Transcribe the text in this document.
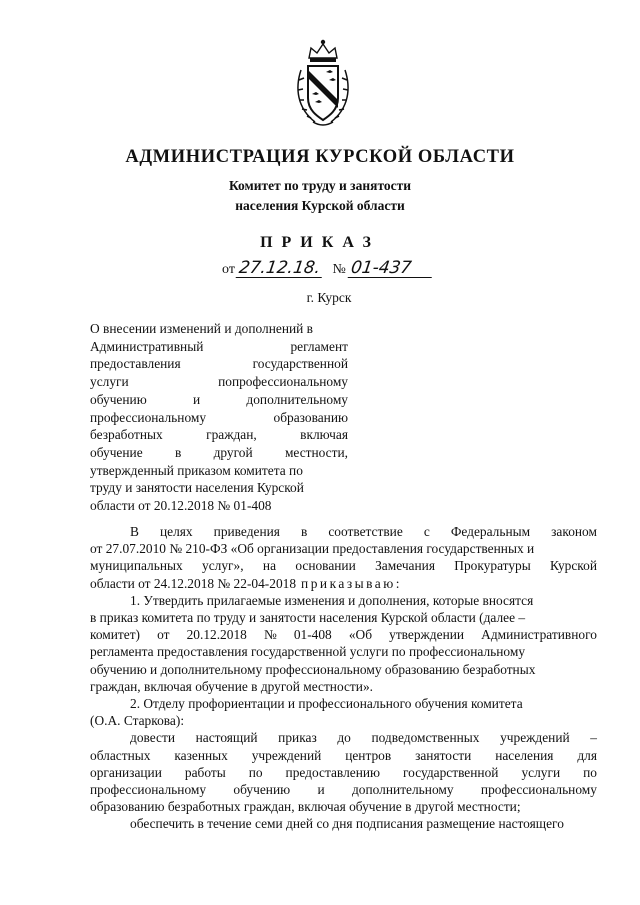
АДМИНИСТРАЦИЯ КУРСКОЙ ОБЛАСТИ
Комитет по труду и занятости
населения Курской области
ПРИКАЗ
от 27.12.18. № 01-437
г. Курск
О внесении изменений и дополнений в
Административный	регламент
предоставления	государственной
услуги	попрофессиональному
обучению	и	дополнительному
профессиональному	образованию
безработных	граждан,	включая
обучение в другой местности,
утвержденный приказом комитета по
труду и занятости населения Курской
области от 20.12.2018 № 01-408
В целях приведения в соответствие с Федеральным законом
от 27.07.2010 № 210-ФЗ «Об организации предоставления государственных и
муниципальных услуг», на основании Замечания Прокуратуры Курской
области от 24.12.2018 № 22-04-2018 приказываю:
1. Утвердить прилагаемые изменения и дополнения, которые вносятся
в приказ комитета по труду и занятости населения Курской области (далее –
комитет) от 20.12.2018 № 01-408 «Об утверждении Административного
регламента предоставления государственной услуги по профессиональному
обучению и дополнительному профессиональному образованию безработных
граждан, включая обучение в другой местности».
2. Отделу профориентации и профессионального обучения комитета
(О.А. Старкова):
довести настоящий приказ до подведомственных учреждений –
областных казенных учреждений центров занятости населения для
организации работы по предоставлению государственной услуги по
профессиональному обучению и дополнительному профессиональному
образованию безработных граждан, включая обучение в другой местности;
обеспечить в течение семи дней со дня подписания размещение настоящего
